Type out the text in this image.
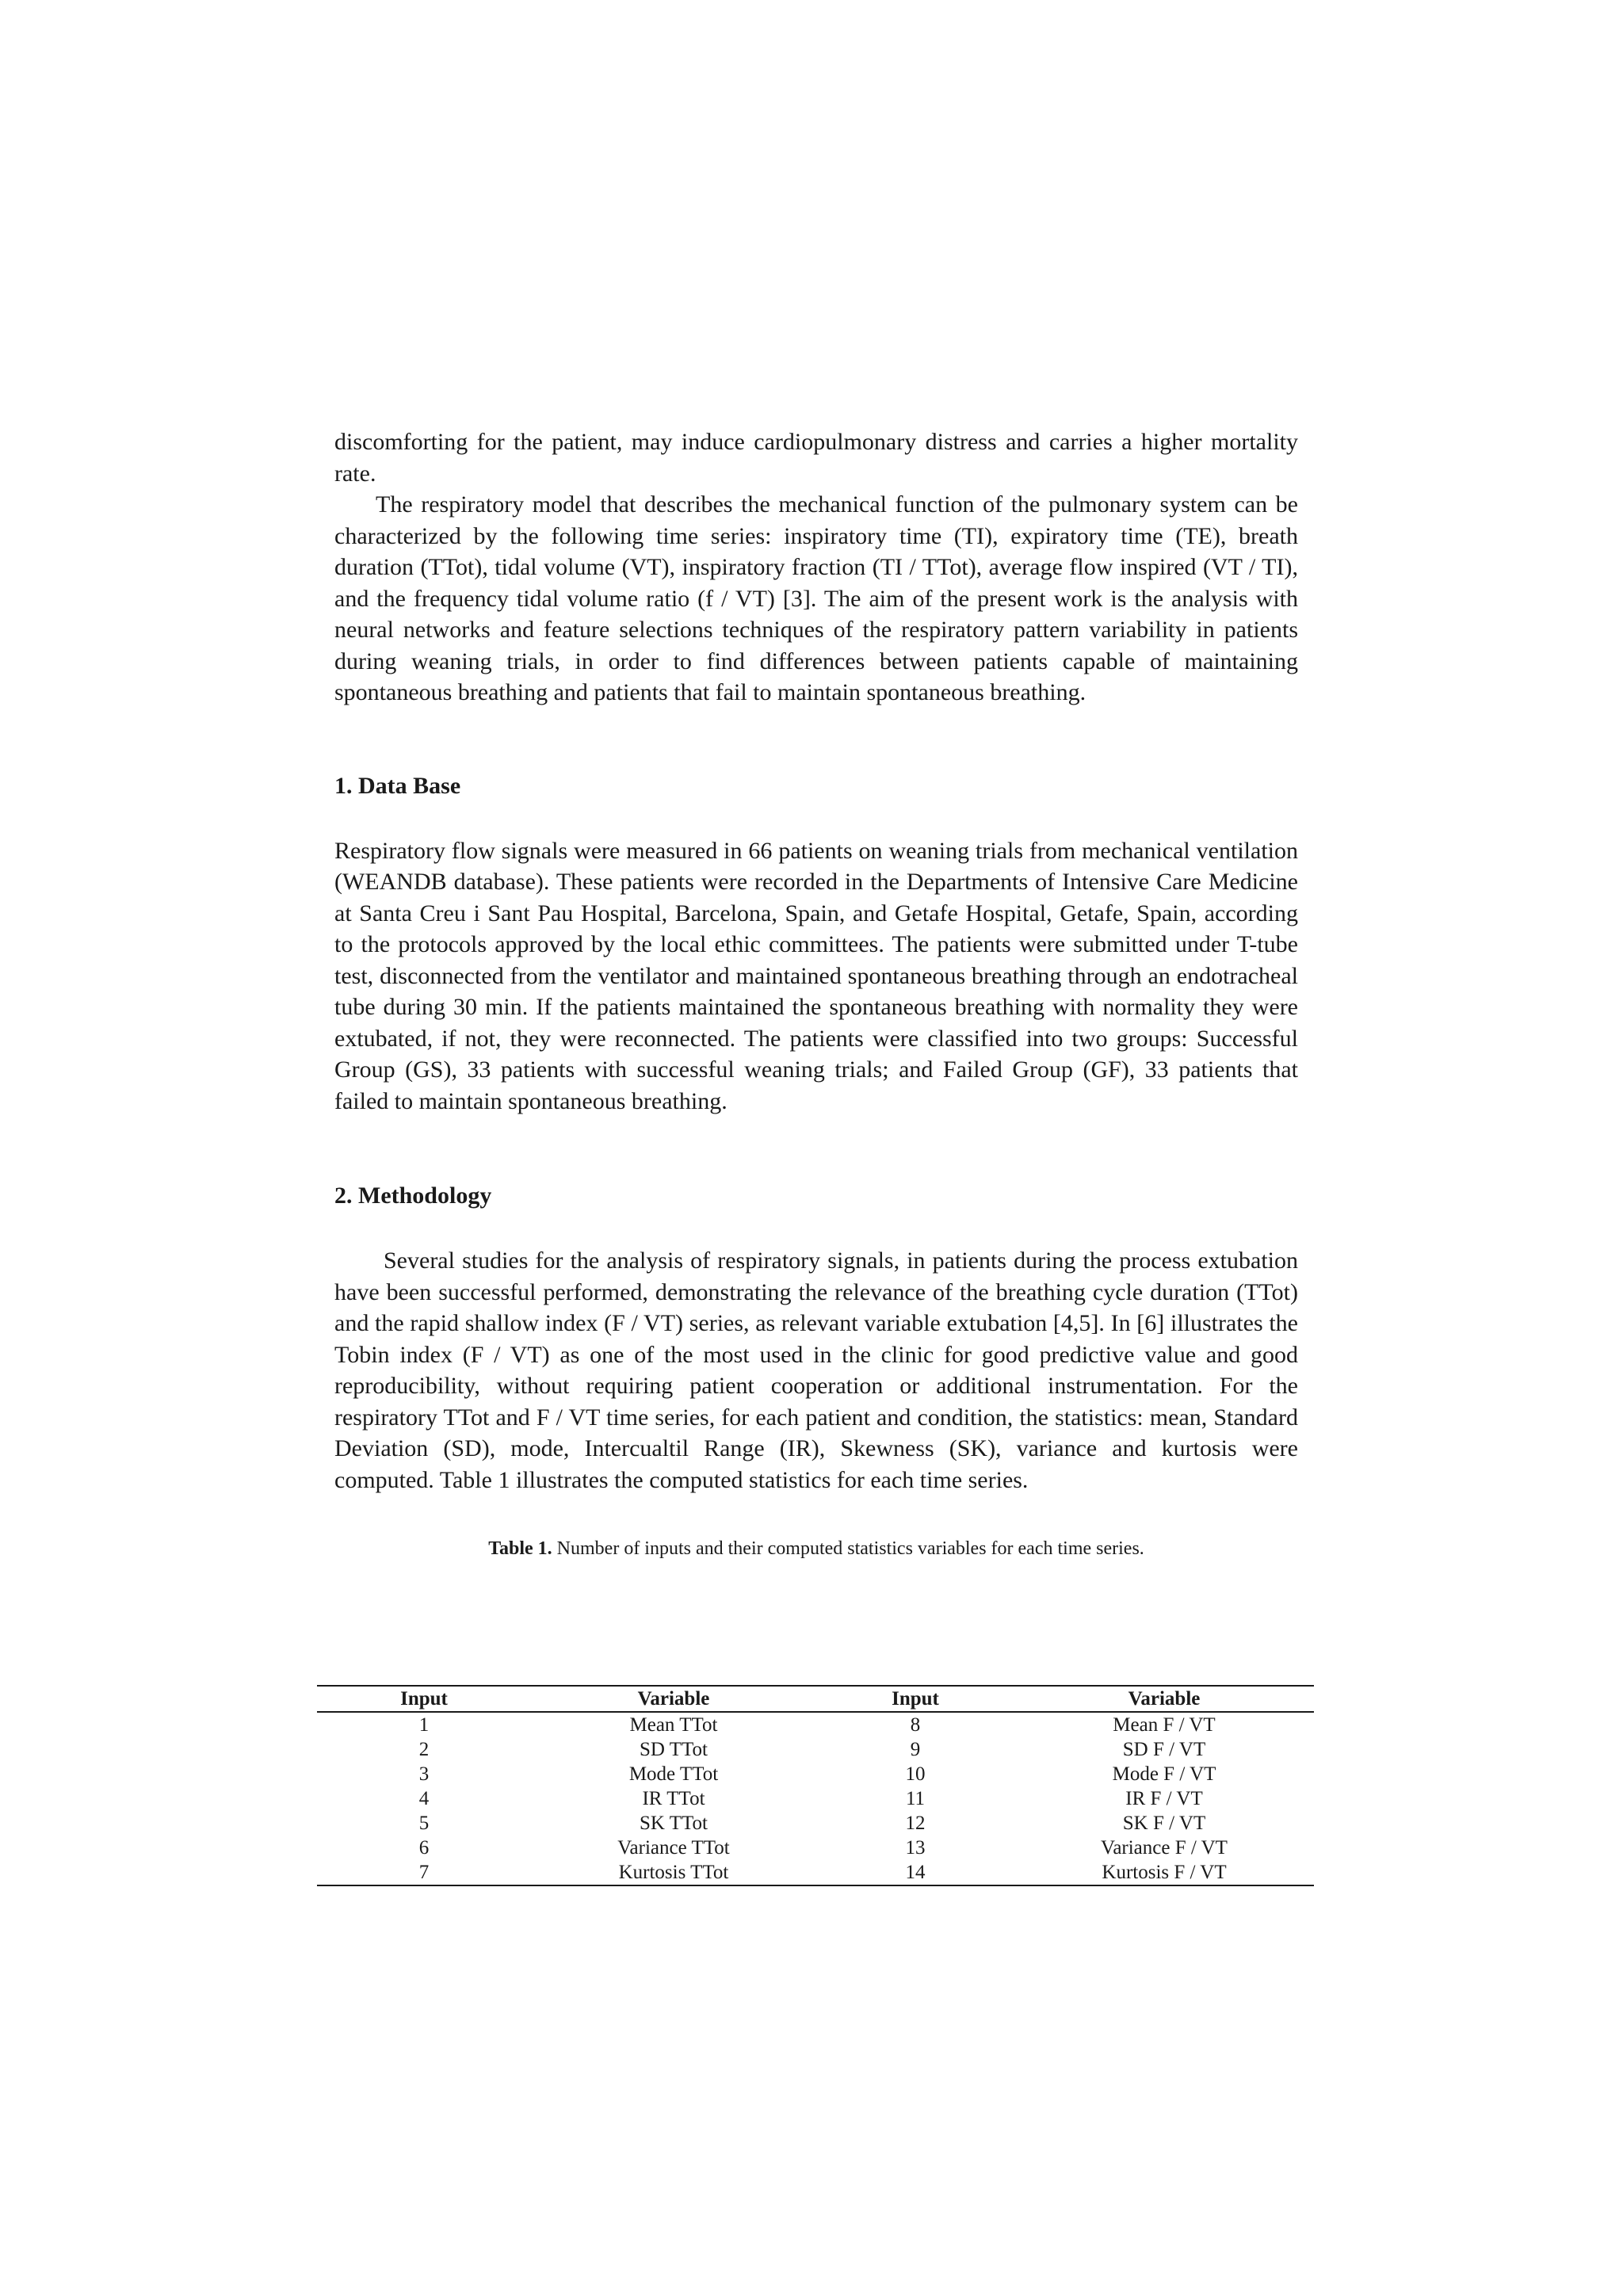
discomforting for the patient, may induce cardiopulmonary distress and carries a higher mortality rate.

The respiratory model that describes the mechanical function of the pulmonary system can be characterized by the following time series: inspiratory time (TI), expiratory time (TE), breath duration (TTot), tidal volume (VT), inspiratory fraction (TI / TTot), average flow inspired (VT / TI), and the frequency tidal volume ratio (f / VT) [3]. The aim of the present work is the analysis with neural networks and feature selections techniques of the respiratory pattern variability in patients during weaning trials, in order to find differences between patients capable of maintaining spontaneous breathing and patients that fail to maintain spontaneous breathing.

1. Data Base

Respiratory flow signals were measured in 66 patients on weaning trials from mechanical ventilation (WEANDB database). These patients were recorded in the Departments of Intensive Care Medicine at Santa Creu i Sant Pau Hospital, Barcelona, Spain, and Getafe Hospital, Getafe, Spain, according to the protocols approved by the local ethic committees. The patients were submitted under T-tube test, disconnected from the ventilator and maintained spontaneous breathing through an endotracheal tube during 30 min. If the patients maintained the spontaneous breathing with normality they were extubated, if not, they were reconnected. The patients were classified into two groups: Successful Group (GS), 33 patients with successful weaning trials; and Failed Group (GF), 33 patients that failed to maintain spontaneous breathing.

2. Methodology

Several studies for the analysis of respiratory signals, in patients during the process extubation have been successful performed, demonstrating the relevance of the breathing cycle duration (TTot) and the rapid shallow index (F / VT) series, as relevant variable extubation [4,5]. In [6] illustrates the Tobin index (F / VT) as one of the most used in the clinic for good predictive value and good reproducibility, without requiring patient cooperation or additional instrumentation. For the respiratory TTot and F / VT time series, for each patient and condition, the statistics: mean, Standard Deviation (SD), mode, Intercualtil Range (IR), Skewness (SK), variance and kurtosis were computed. Table 1 illustrates the computed statistics for each time series.

Table 1. Number of inputs and their computed statistics variables for each time series.
Input	Variable	Input	Variable
1	Mean TTot	8	Mean F / VT
2	SD TTot	9	SD F / VT
3	Mode TTot	10	Mode F / VT
4	IR TTot	11	IR F / VT
5	SK TTot	12	SK F / VT
6	Variance TTot	13	Variance F / VT
7	Kurtosis TTot	14	Kurtosis F / VT
